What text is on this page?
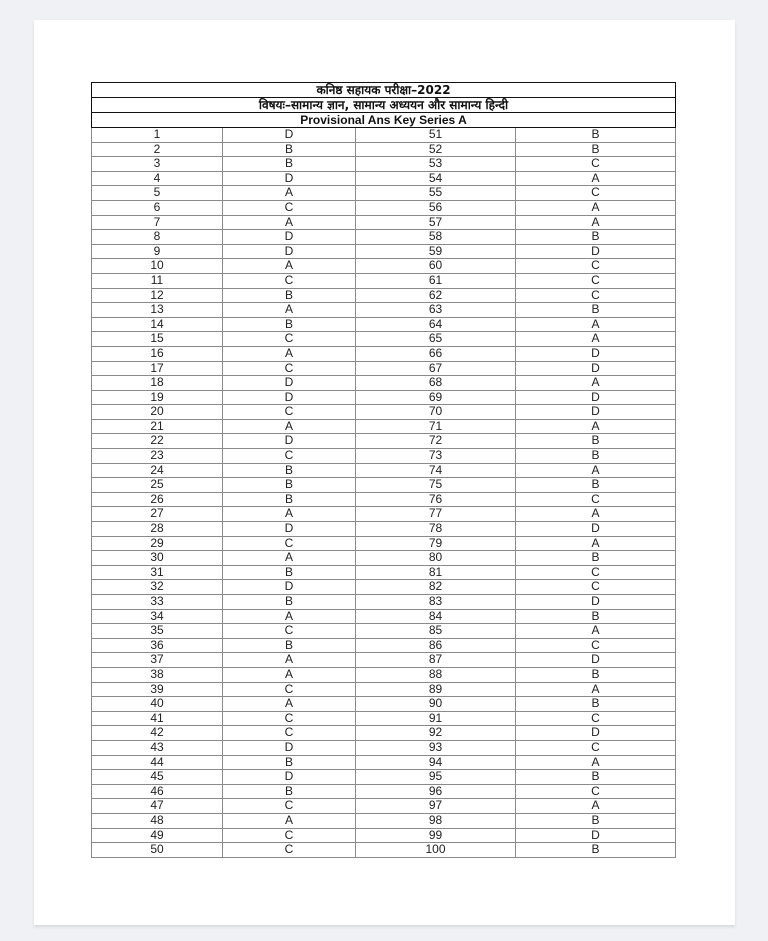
कनिष्ठ सहायक परीक्षा–2022			
विषयः–सामान्य ज्ञान, सामान्य अध्ययन और सामान्य हिन्दी			
Provisional Ans Key Series A			
1	D	51	B
2	B	52	B
3	B	53	C
4	D	54	A
5	A	55	C
6	C	56	A
7	A	57	A
8	D	58	B
9	D	59	D
10	A	60	C
11	C	61	C
12	B	62	C
13	A	63	B
14	B	64	A
15	C	65	A
16	A	66	D
17	C	67	D
18	D	68	A
19	D	69	D
20	C	70	D
21	A	71	A
22	D	72	B
23	C	73	B
24	B	74	A
25	B	75	B
26	B	76	C
27	A	77	A
28	D	78	D
29	C	79	A
30	A	80	B
31	B	81	C
32	D	82	C
33	B	83	D
34	A	84	B
35	C	85	A
36	B	86	C
37	A	87	D
38	A	88	B
39	C	89	A
40	A	90	B
41	C	91	C
42	C	92	D
43	D	93	C
44	B	94	A
45	D	95	B
46	B	96	C
47	C	97	A
48	A	98	B
49	C	99	D
50	C	100	B
